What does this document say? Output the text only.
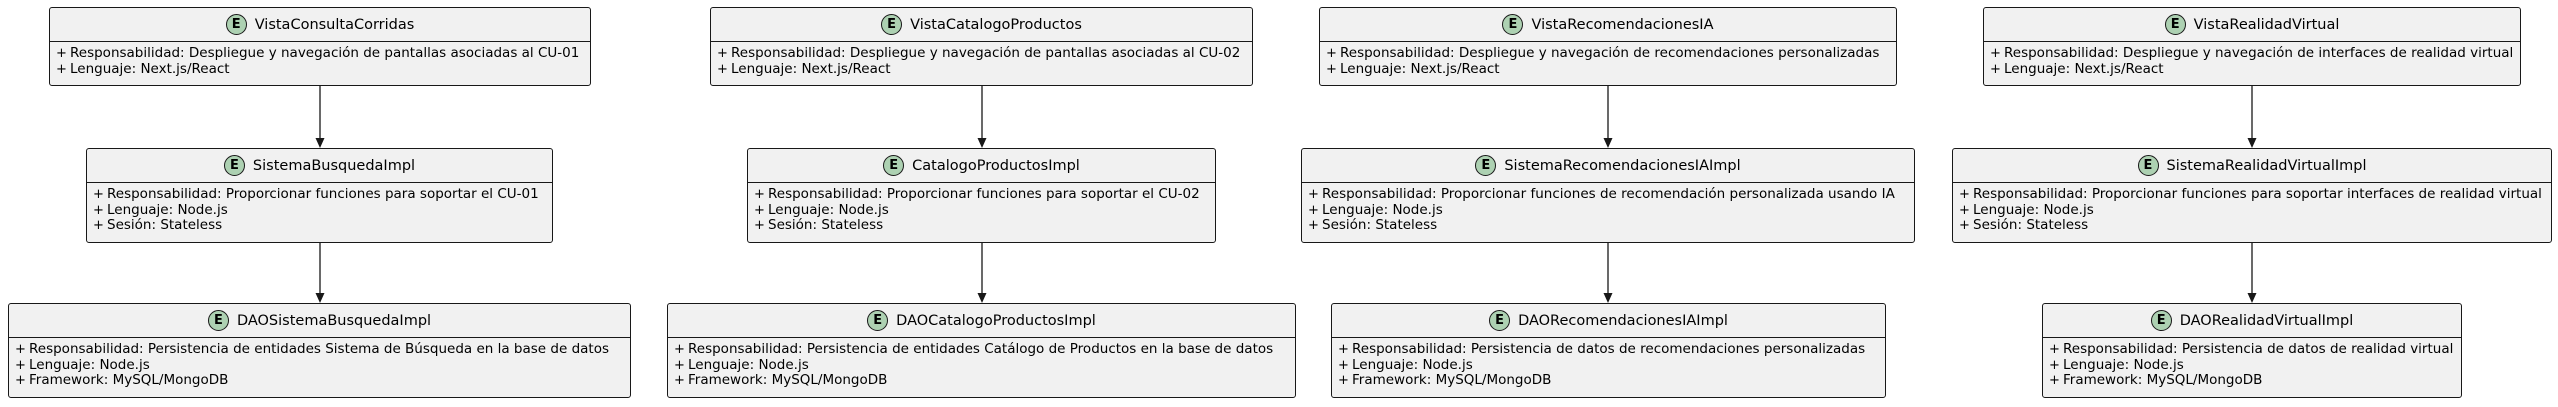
E VistaConsultaCorridas
+ Responsabilidad: Despliegue y navegación de pantallas asociadas al CU-01
+ Lenguaje: Next.js/React
E SistemaBusquedaImpl
+ Responsabilidad: Proporcionar funciones para soportar el CU-01
+ Lenguaje: Node.js
+ Sesión: Stateless
E DAOSistemaBusquedaImpl
+ Responsabilidad: Persistencia de entidades Sistema de Búsqueda en la base de datos
+ Lenguaje: Node.js
+ Framework: MySQL/MongoDB
E VistaCatalogoProductos
+ Responsabilidad: Despliegue y navegación de pantallas asociadas al CU-02
+ Lenguaje: Next.js/React
E CatalogoProductosImpl
+ Responsabilidad: Proporcionar funciones para soportar el CU-02
+ Lenguaje: Node.js
+ Sesión: Stateless
E DAOCatalogoProductosImpl
+ Responsabilidad: Persistencia de entidades Catálogo de Productos en la base de datos
+ Lenguaje: Node.js
+ Framework: MySQL/MongoDB
E VistaRecomendacionesIA
+ Responsabilidad: Despliegue y navegación de recomendaciones personalizadas
+ Lenguaje: Next.js/React
E SistemaRecomendacionesIAImpl
+ Responsabilidad: Proporcionar funciones de recomendación personalizada usando IA
+ Lenguaje: Node.js
+ Sesión: Stateless
E DAORecomendacionesIAImpl
+ Responsabilidad: Persistencia de datos de recomendaciones personalizadas
+ Lenguaje: Node.js
+ Framework: MySQL/MongoDB
E VistaRealidadVirtual
+ Responsabilidad: Despliegue y navegación de interfaces de realidad virtual
+ Lenguaje: Next.js/React
E SistemaRealidadVirtualImpl
+ Responsabilidad: Proporcionar funciones para soportar interfaces de realidad virtual
+ Lenguaje: Node.js
+ Sesión: Stateless
E DAORealidadVirtualImpl
+ Responsabilidad: Persistencia de datos de realidad virtual
+ Lenguaje: Node.js
+ Framework: MySQL/MongoDB
